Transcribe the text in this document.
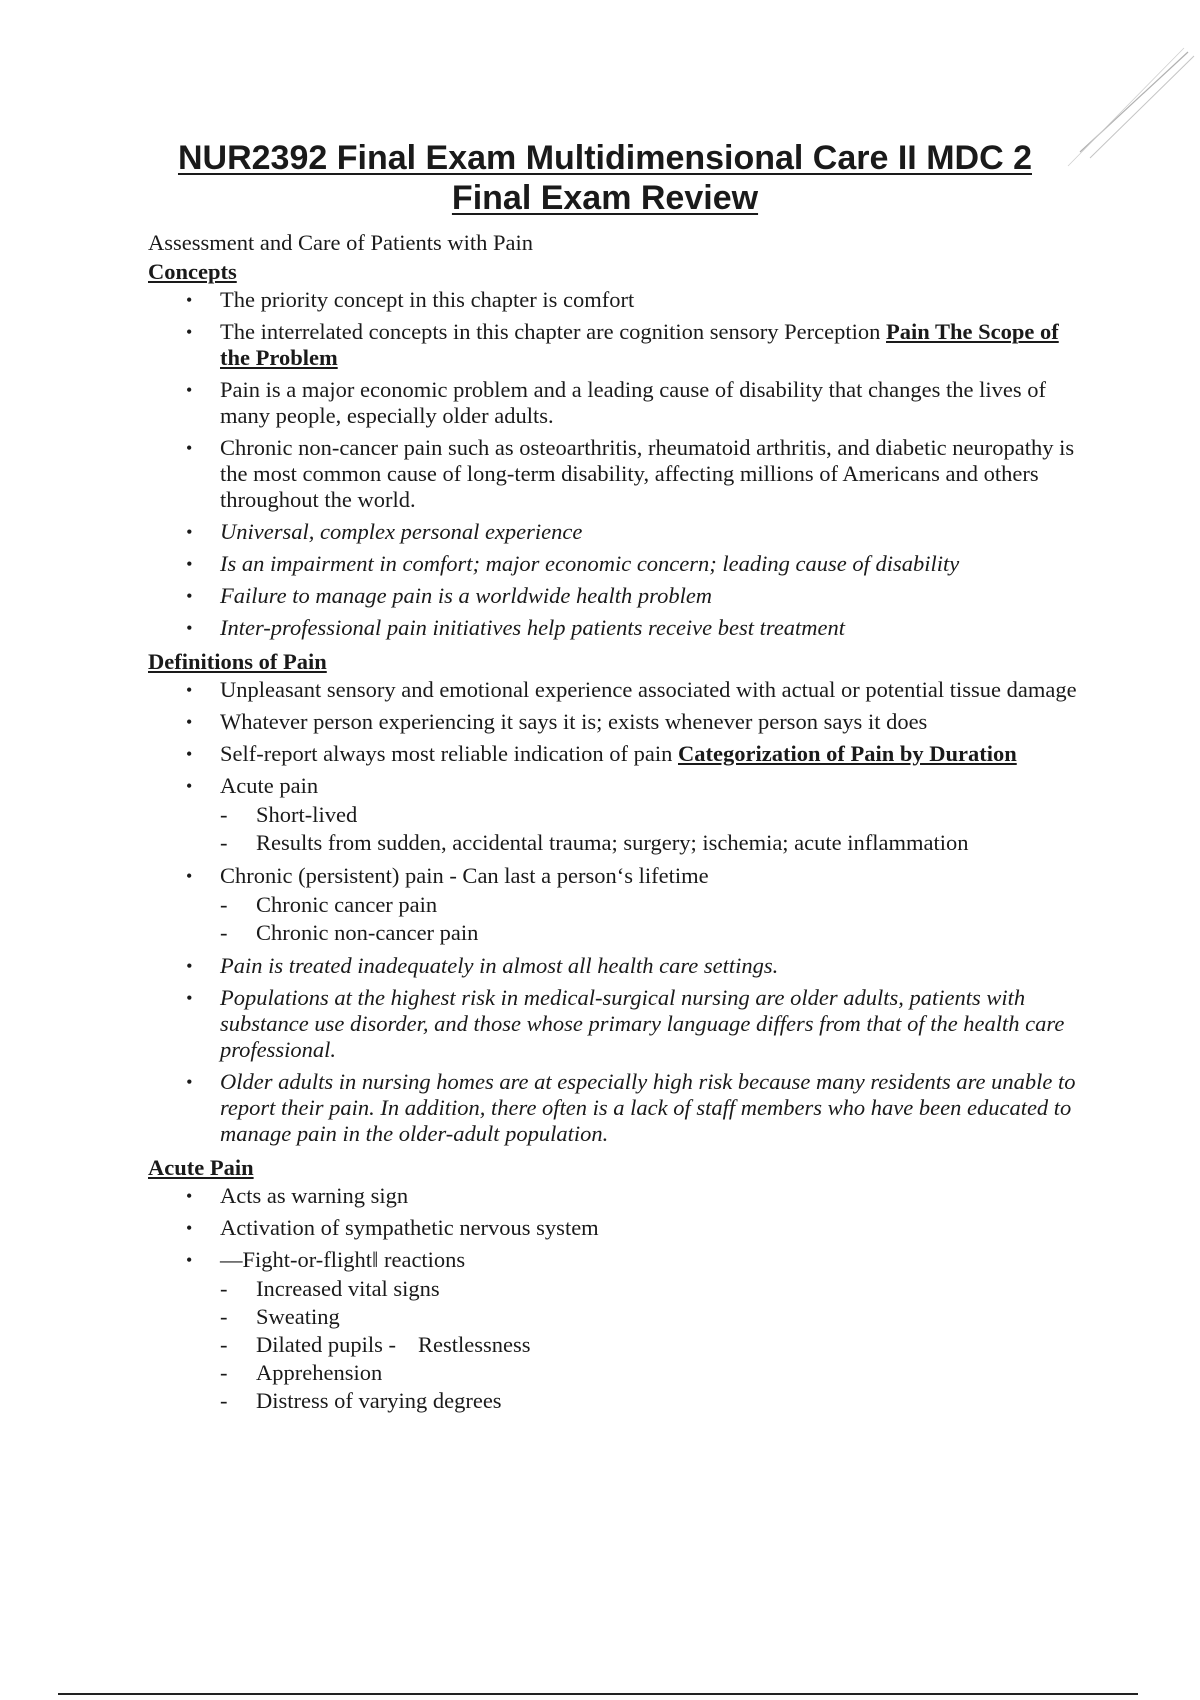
NUR2392 Final Exam Multidimensional Care II MDC 2
Final Exam Review

Assessment and Care of Patients with Pain

Concepts

• The priority concept in this chapter is comfort
• The interrelated concepts in this chapter are cognition sensory Perception Pain The Scope of the Problem
• Pain is a major economic problem and a leading cause of disability that changes the lives of many people, especially older adults.
• Chronic non-cancer pain such as osteoarthritis, rheumatoid arthritis, and diabetic neuropathy is the most common cause of long-term disability, affecting millions of Americans and others throughout the world.
• Universal, complex personal experience
• Is an impairment in comfort; major economic concern; leading cause of disability
• Failure to manage pain is a worldwide health problem
• Inter-professional pain initiatives help patients receive best treatment

Definitions of Pain

• Unpleasant sensory and emotional experience associated with actual or potential tissue damage
• Whatever person experiencing it says it is; exists whenever person says it does
• Self-report always most reliable indication of pain Categorization of Pain by Duration
• Acute pain
- Short-lived
- Results from sudden, accidental trauma; surgery; ischemia; acute inflammation
• Chronic (persistent) pain - Can last a person‘s lifetime
- Chronic cancer pain
- Chronic non-cancer pain
• Pain is treated inadequately in almost all health care settings.
• Populations at the highest risk in medical-surgical nursing are older adults, patients with substance use disorder, and those whose primary language differs from that of the health care professional.
• Older adults in nursing homes are at especially high risk because many residents are unable to report their pain. In addition, there often is a lack of staff members who have been educated to manage pain in the older-adult population.

Acute Pain

• Acts as warning sign
• Activation of sympathetic nervous system
• —Fight-or-flight‖ reactions
- Increased vital signs
- Sweating
- Dilated pupils - Restlessness
- Apprehension
- Distress of varying degrees
